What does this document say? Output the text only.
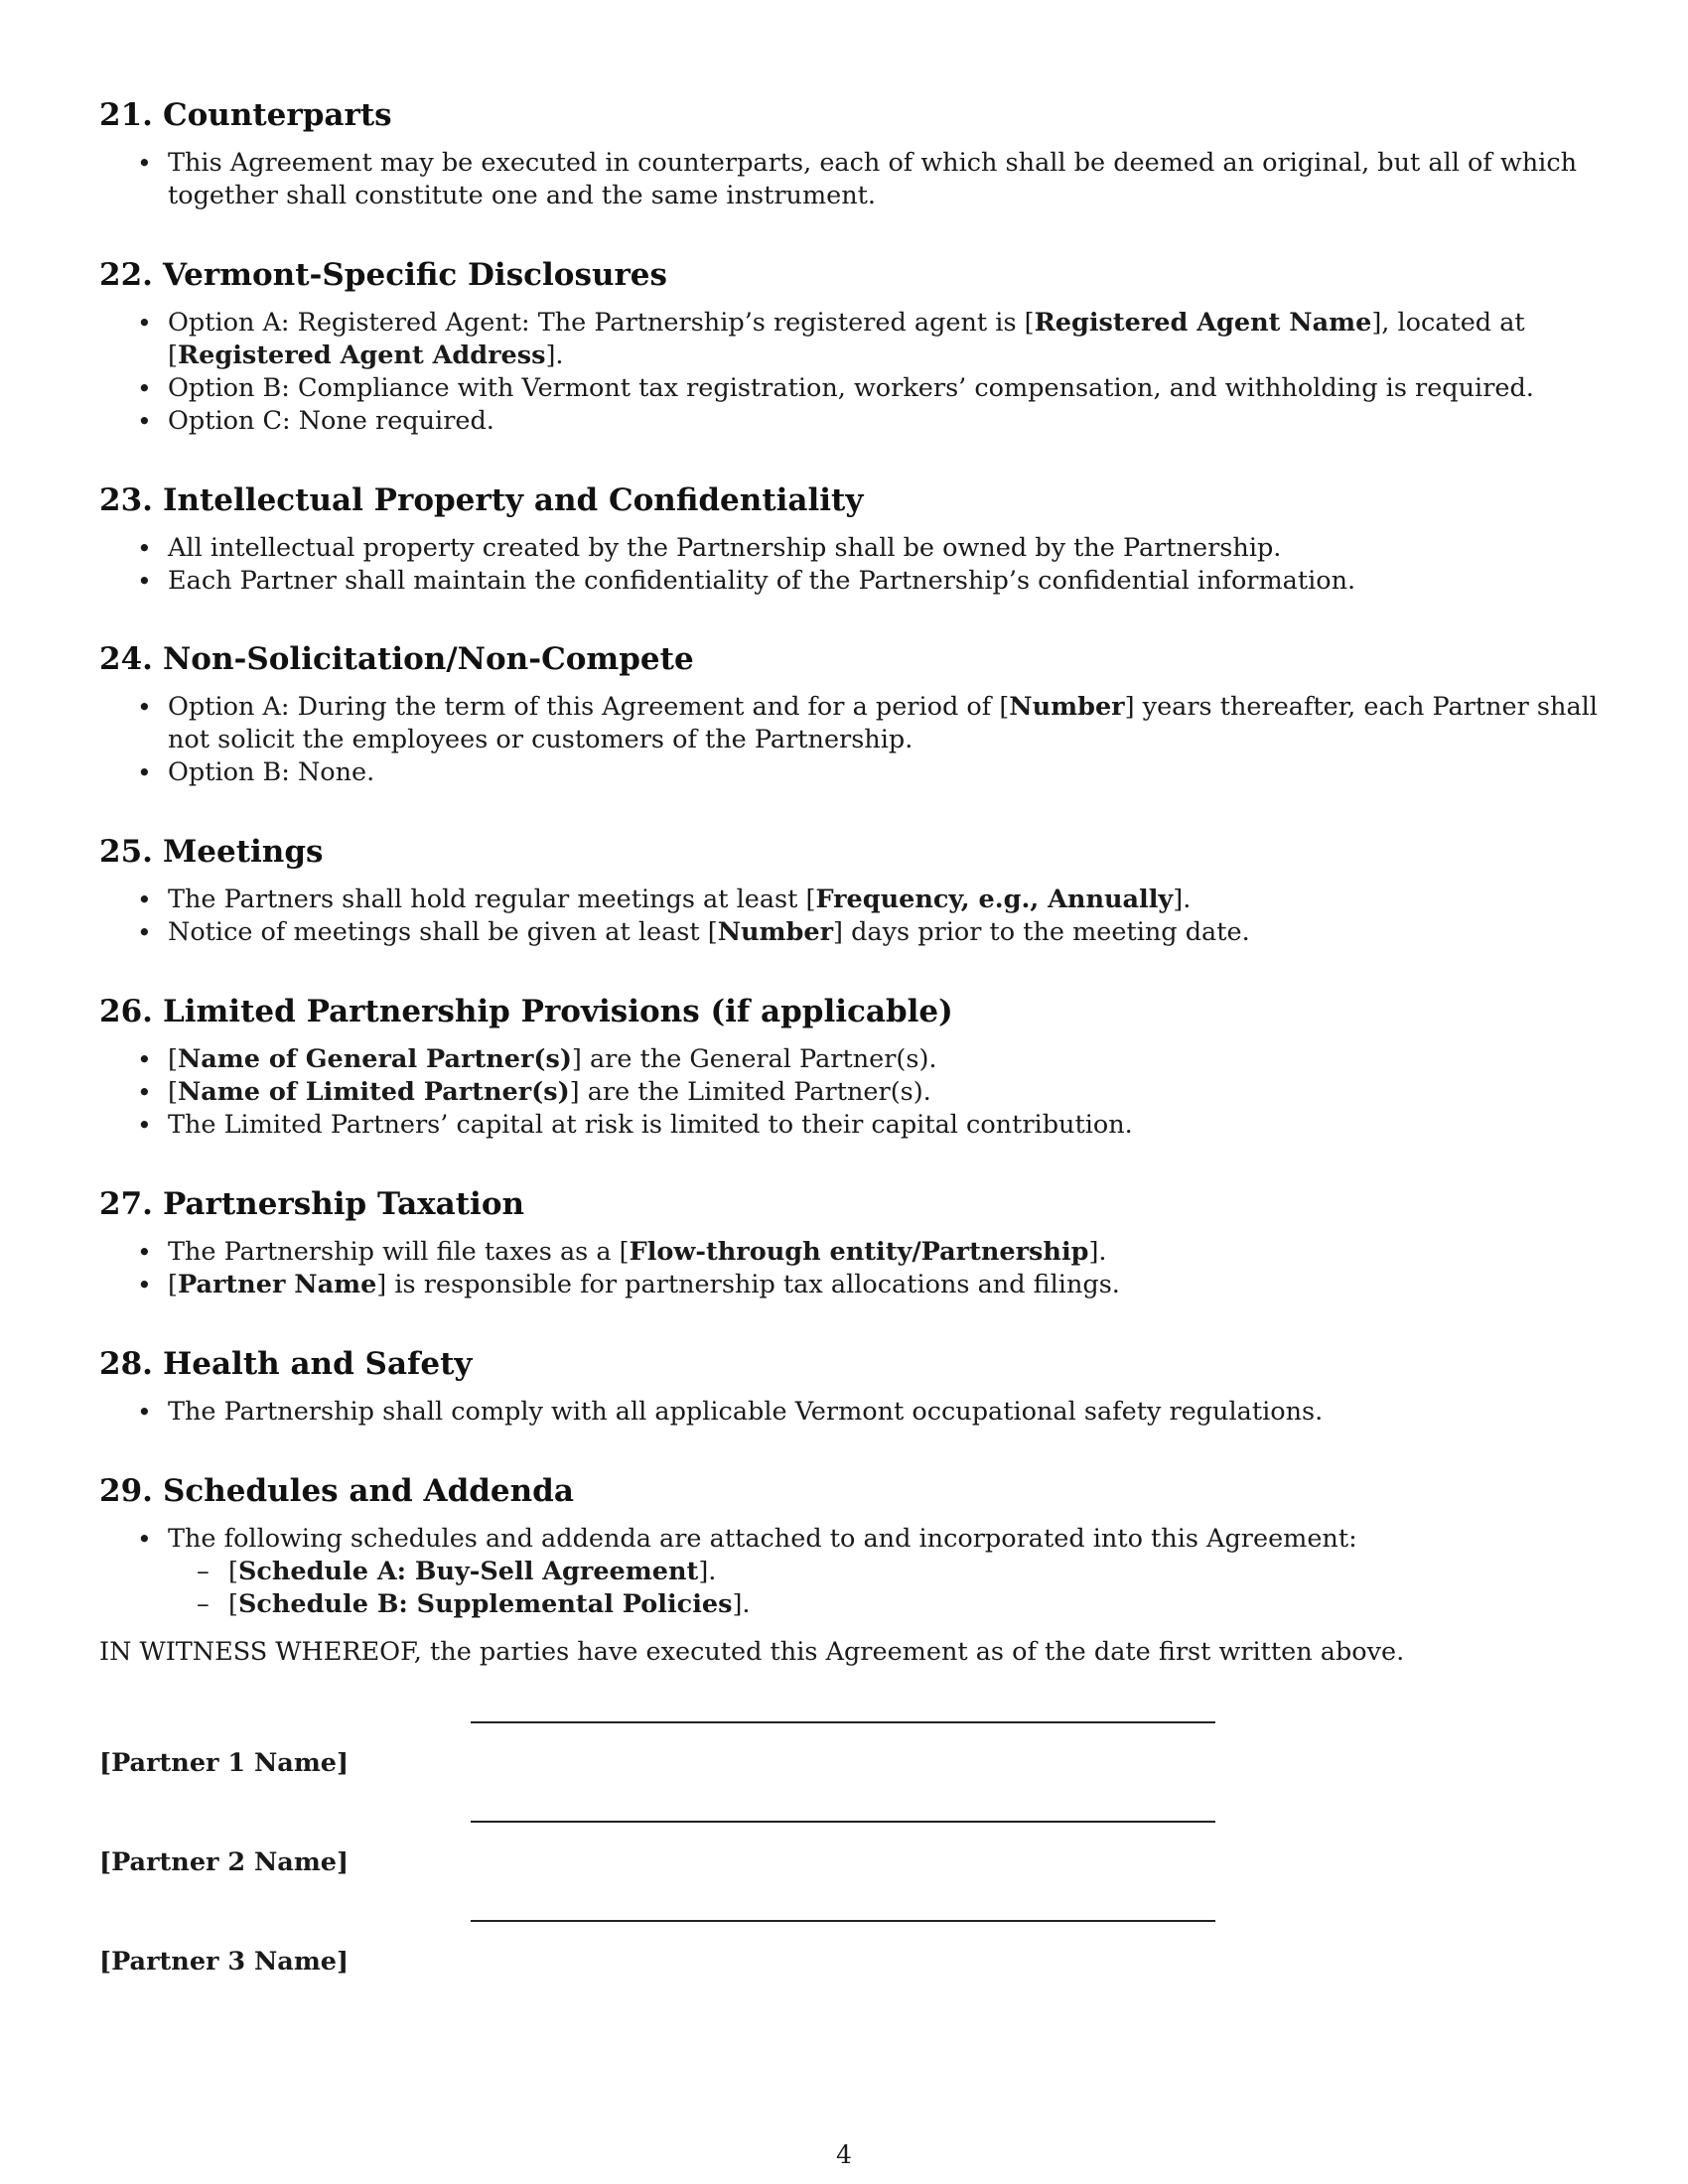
21. Counterparts
• This Agreement may be executed in counterparts, each of which shall be deemed an original, but all of which together shall constitute one and the same instrument.
22. Vermont-Specific Disclosures
• Option A: Registered Agent: The Partnership’s registered agent is [Registered Agent Name], located at [Registered Agent Address].
• Option B: Compliance with Vermont tax registration, workers’ compensation, and withholding is required.
• Option C: None required.
23. Intellectual Property and Confidentiality
• All intellectual property created by the Partnership shall be owned by the Partnership.
• Each Partner shall maintain the confidentiality of the Partnership’s confidential information.
24. Non-Solicitation/Non-Compete
• Option A: During the term of this Agreement and for a period of [Number] years thereafter, each Partner shall not solicit the employees or customers of the Partnership.
• Option B: None.
25. Meetings
• The Partners shall hold regular meetings at least [Frequency, e.g., Annually].
• Notice of meetings shall be given at least [Number] days prior to the meeting date.
26. Limited Partnership Provisions (if applicable)
• [Name of General Partner(s)] are the General Partner(s).
• [Name of Limited Partner(s)] are the Limited Partner(s).
• The Limited Partners’ capital at risk is limited to their capital contribution.
27. Partnership Taxation
• The Partnership will file taxes as a [Flow-through entity/Partnership].
• [Partner Name] is responsible for partnership tax allocations and filings.
28. Health and Safety
• The Partnership shall comply with all applicable Vermont occupational safety regulations.
29. Schedules and Addenda
• The following schedules and addenda are attached to and incorporated into this Agreement:
– [Schedule A: Buy-Sell Agreement].
– [Schedule B: Supplemental Policies].
IN WITNESS WHEREOF, the parties have executed this Agreement as of the date first written above.
[Partner 1 Name]
[Partner 2 Name]
[Partner 3 Name]
4
